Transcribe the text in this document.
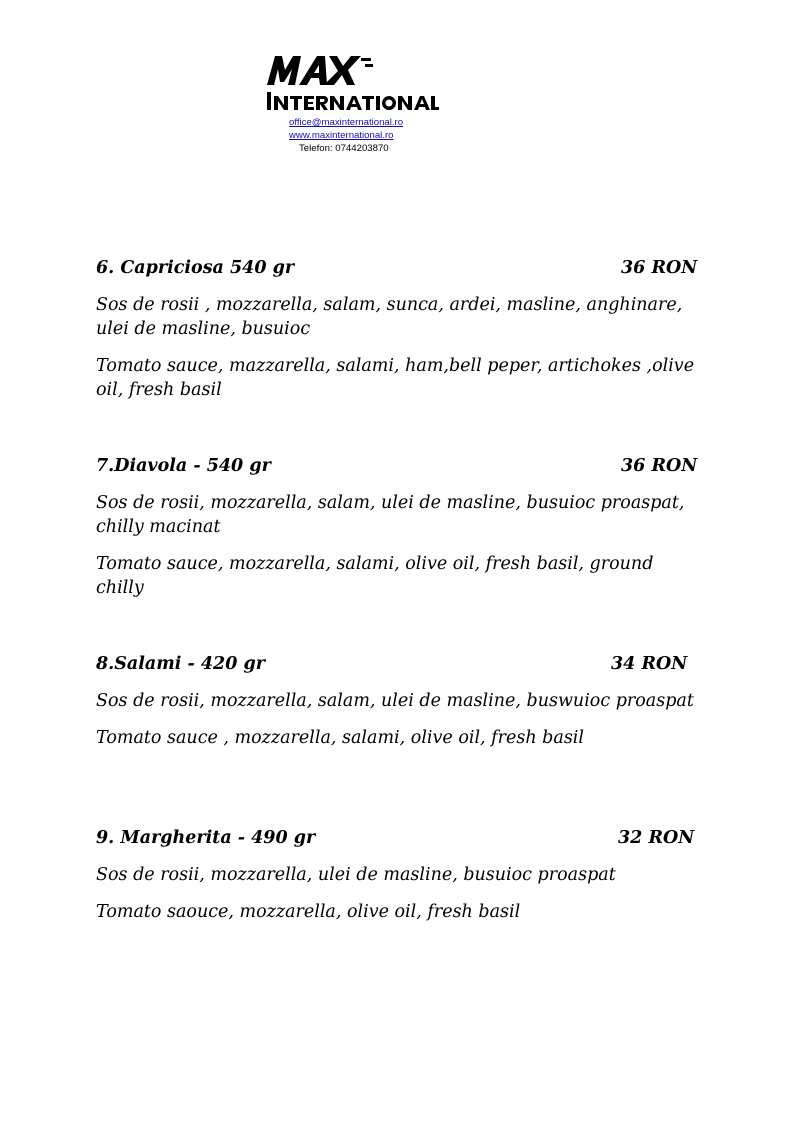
office@maxinternational.ro
www.maxinternational.ro
Telefon: 0744203870
6. Capriciosa 540 gr	36 RON
Sos de rosii , mozzarella, salam, sunca, ardei, masline, anghinare, ulei de masline, busuioc
Tomato sauce, mazzarella, salami, ham,bell peper, artichokes ,olive oil, fresh basil
7.Diavola - 540 gr	36 RON
Sos de rosii, mozzarella, salam, ulei de masline, busuioc proaspat, chilly macinat
Tomato sauce, mozzarella, salami, olive oil, fresh basil, ground chilly
8.Salami - 420 gr	34 RON
Sos de rosii, mozzarella, salam, ulei de masline, buswuioc proaspat
Tomato sauce , mozzarella, salami, olive oil, fresh basil
9. Margherita - 490 gr	32 RON
Sos de rosii, mozzarella, ulei de masline, busuioc proaspat
Tomato saouce, mozzarella, olive oil, fresh basil
